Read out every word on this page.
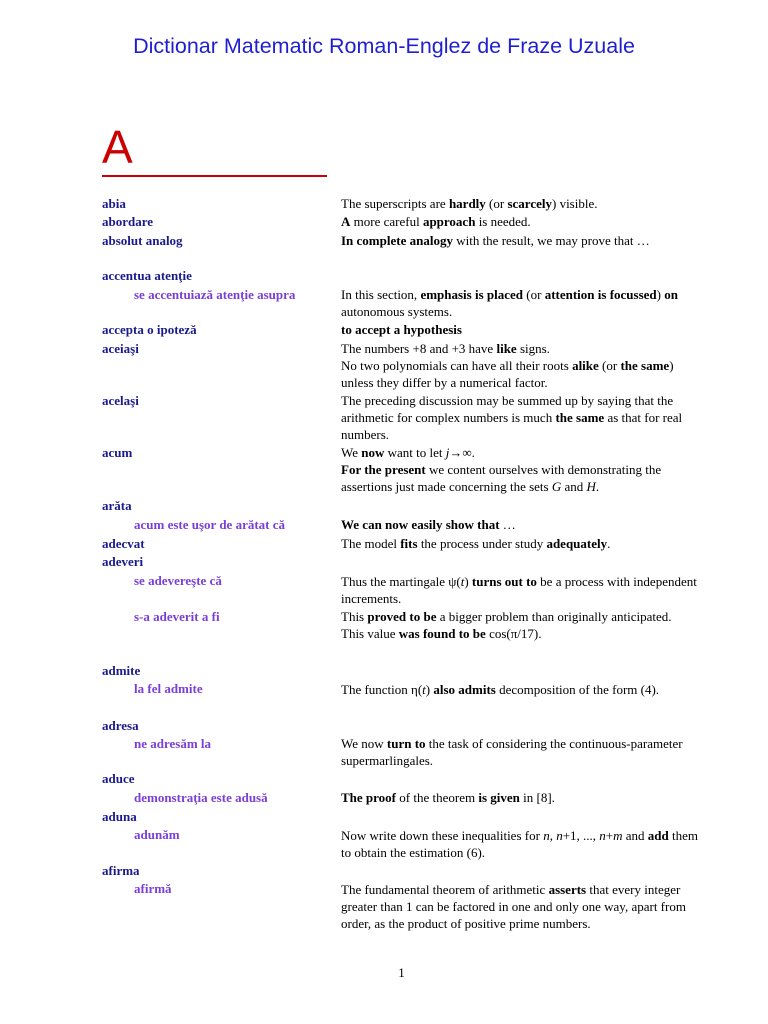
Dictionar Matematic Roman-Englez de Fraze Uzuale
A
abia	The superscripts are hardly (or scarcely) visible.
abordare	A more careful approach is needed.
absolut analog	In complete analogy with the result, we may prove that …
accentua atenţie
se accentuiază atenţie asupra	In this section, emphasis is placed (or attention is focussed) on autonomous systems.
accepta o ipoteză	to accept a hypothesis
aceiaşi	The numbers +8 and +3 have like signs.
No two polynomials can have all their roots alike (or the same) unless they differ by a numerical factor.
acelaşi	The preceding discussion may be summed up by saying that the arithmetic for complex numbers is much the same as that for real numbers.
acum	We now want to let j→∞.
For the present we content ourselves with demonstrating the assertions just made concerning the sets G and H.
arăta
acum este uşor de arătat că	We can now easily show that …
adecvat	The model fits the process under study adequately.
adeveri
se adevereşte că	Thus the martingale ψ(t) turns out to be a process with independent increments.
s-a adeverit a fi	This proved to be a bigger problem than originally anticipated.
This value was found to be cos(π/17).
admite
la fel admite	The function η(t) also admits decomposition of the form (4).
adresa
ne adresăm la	We now turn to the task of considering the continuous-parameter supermarlingales.
aduce
demonstraţia este adusă	The proof of the theorem is given in [8].
aduna
adunăm	Now write down these inequalities for n, n+1, ..., n+m and add them to obtain the estimation (6).
afirma
afirmă	The fundamental theorem of arithmetic asserts that every integer greater than 1 can be factored in one and only one way, apart from order, as the product of positive prime numbers.
1
